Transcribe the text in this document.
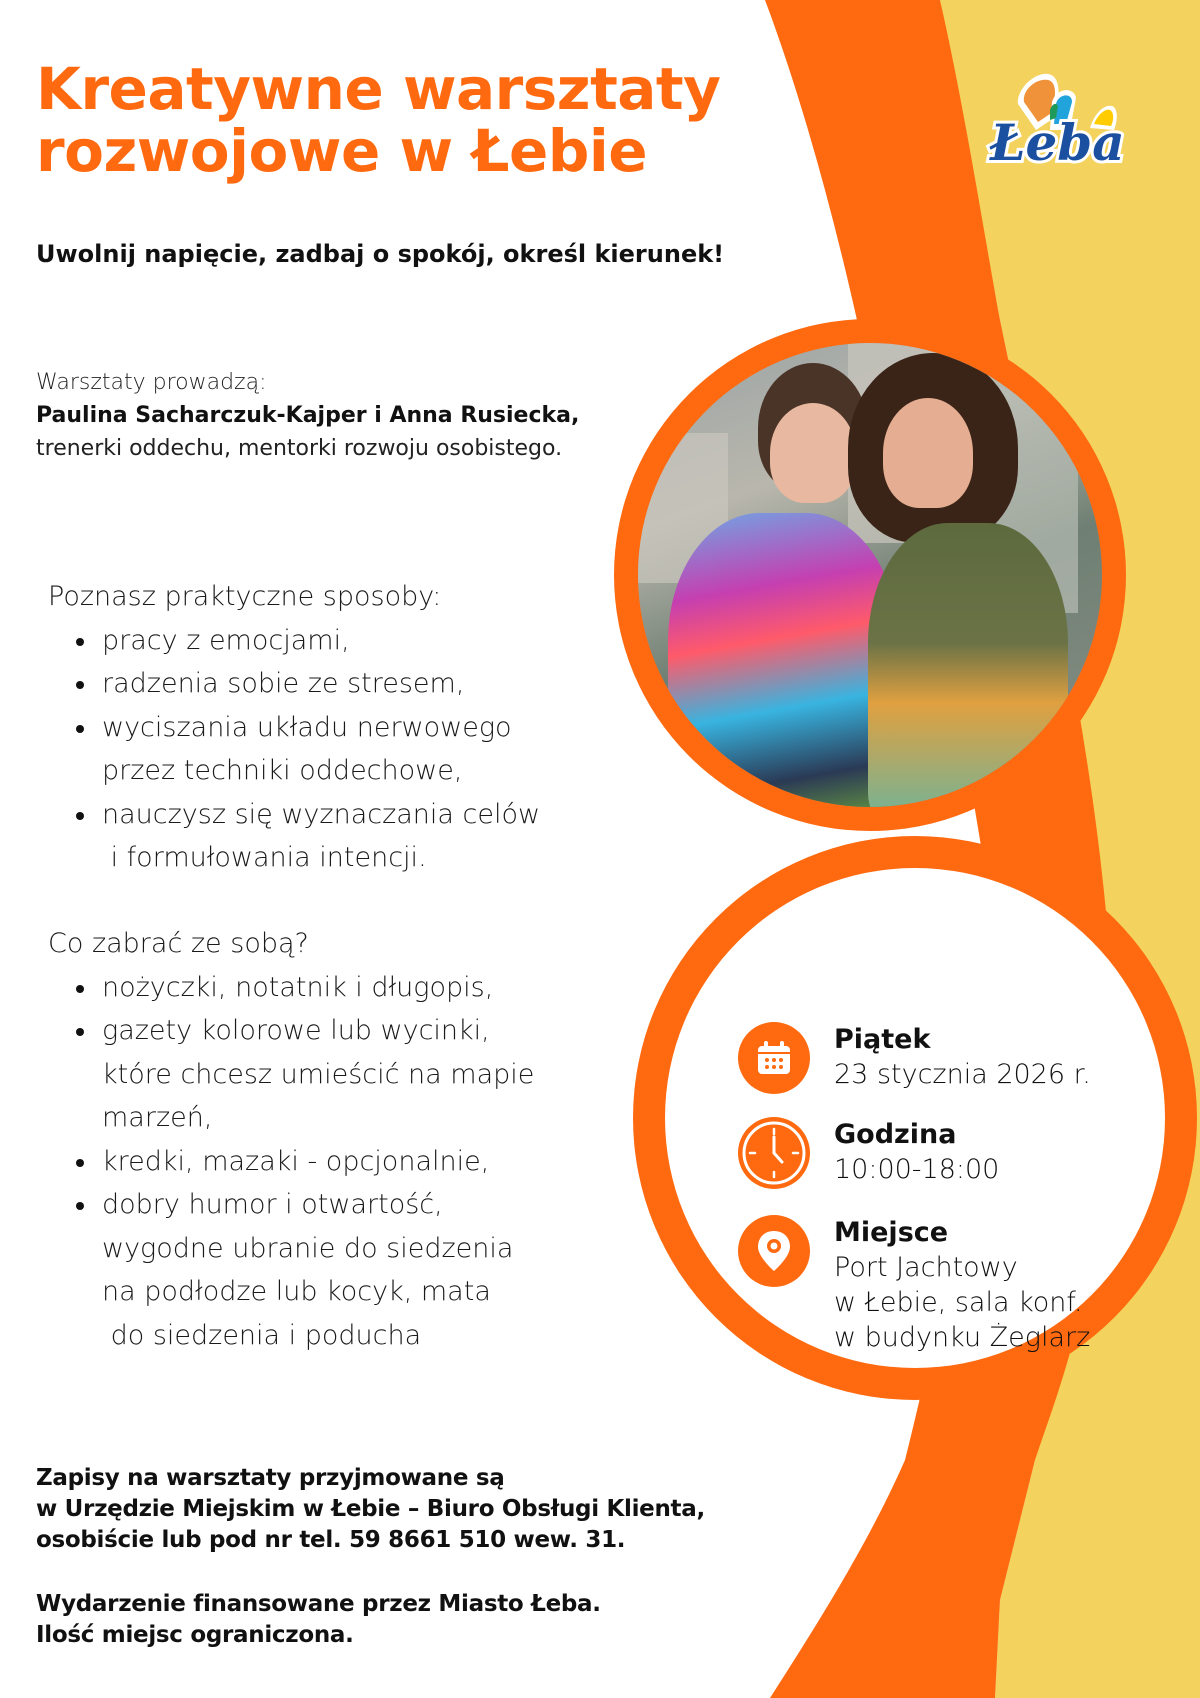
Łeba
Kreatywne warsztaty
rozwojowe w Łebie
Uwolnij napięcie, zadbaj o spokój, określ kierunek!
Warsztaty prowadzą:
Paulina Sacharczuk-Kajper i Anna Rusiecka,
trenerki oddechu, mentorki rozwoju osobistego.
Poznasz praktyczne sposoby:
pracy z emocjami,
radzenia sobie ze stresem,
wyciszania układu nerwowego
przez techniki oddechowe,
nauczysz się wyznaczania celów
i formułowania intencji.
Co zabrać ze sobą?
nożyczki, notatnik i długopis,
gazety kolorowe lub wycinki,
które chcesz umieścić na mapie
marzeń,
kredki, mazaki - opcjonalnie,
dobry humor i otwartość,
wygodne ubranie do siedzenia
na podłodze lub kocyk, mata
do siedzenia i poducha
Piątek
23 stycznia 2026 r.
Godzina
10:00-18:00
Miejsce
Port Jachtowy
w Łebie, sala konf.
w budynku Żeglarz

Zapisy na warsztaty przyjmowane są
w Urzędzie Miejskim w Łebie – Biuro Obsługi Klienta,
osobiście lub pod nr tel. 59 8661 510 wew. 31.

Wydarzenie finansowane przez Miasto Łeba.
Ilość miejsc ograniczona.
